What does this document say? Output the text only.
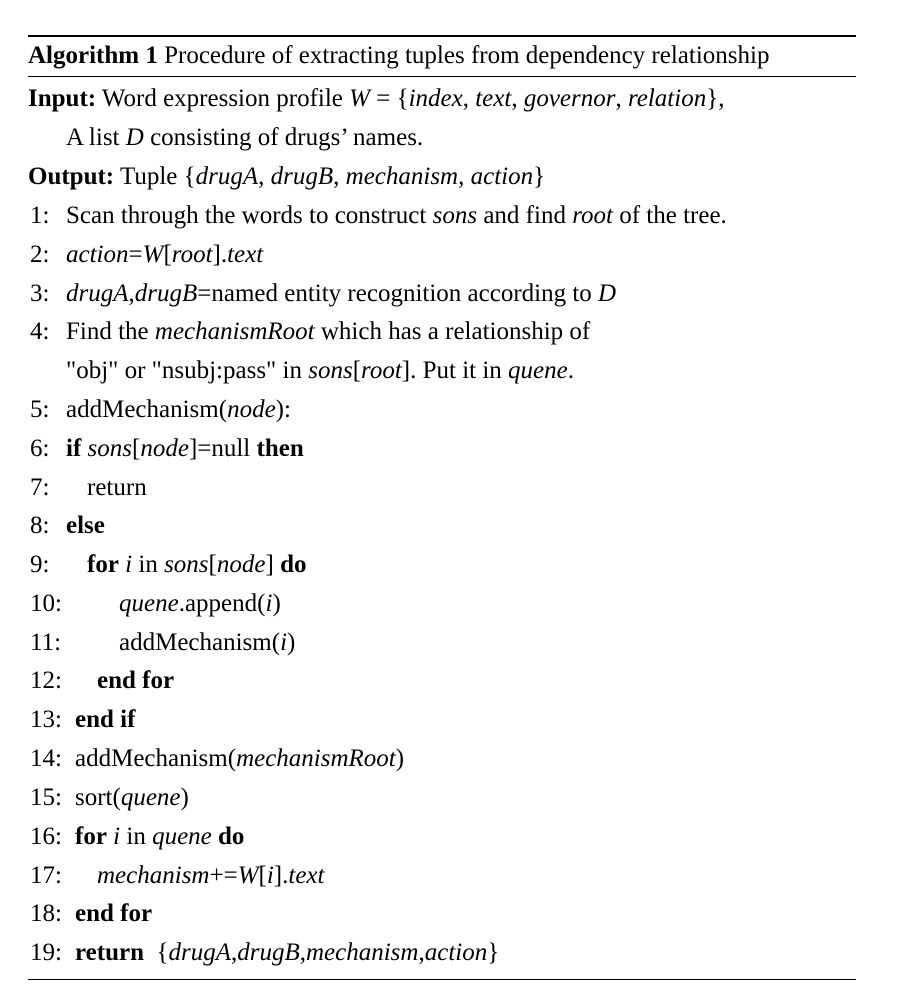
Algorithm 1 Procedure of extracting tuples from dependency relationship
Input: Word expression profile W = {index, text, governor, relation},
A list D consisting of drugs’ names.
Output: Tuple {drugA, drugB, mechanism, action}
1: Scan through the words to construct sons and find root of the tree.
2: action=W[root].text
3: drugA,drugB=named entity recognition according to D
4: Find the mechanismRoot which has a relationship of
"obj" or "nsubj:pass" in sons[root]. Put it in quene.
5: addMechanism(node):
6: if sons[node]=null then
7: return
8: else
9: for i in sons[node] do
10: quene.append(i)
11: addMechanism(i)
12: end for
13: end if
14: addMechanism(mechanismRoot)
15: sort(quene)
16: for i in quene do
17: mechanism+=W[i].text
18: end for
19: return {drugA,drugB,mechanism,action}
